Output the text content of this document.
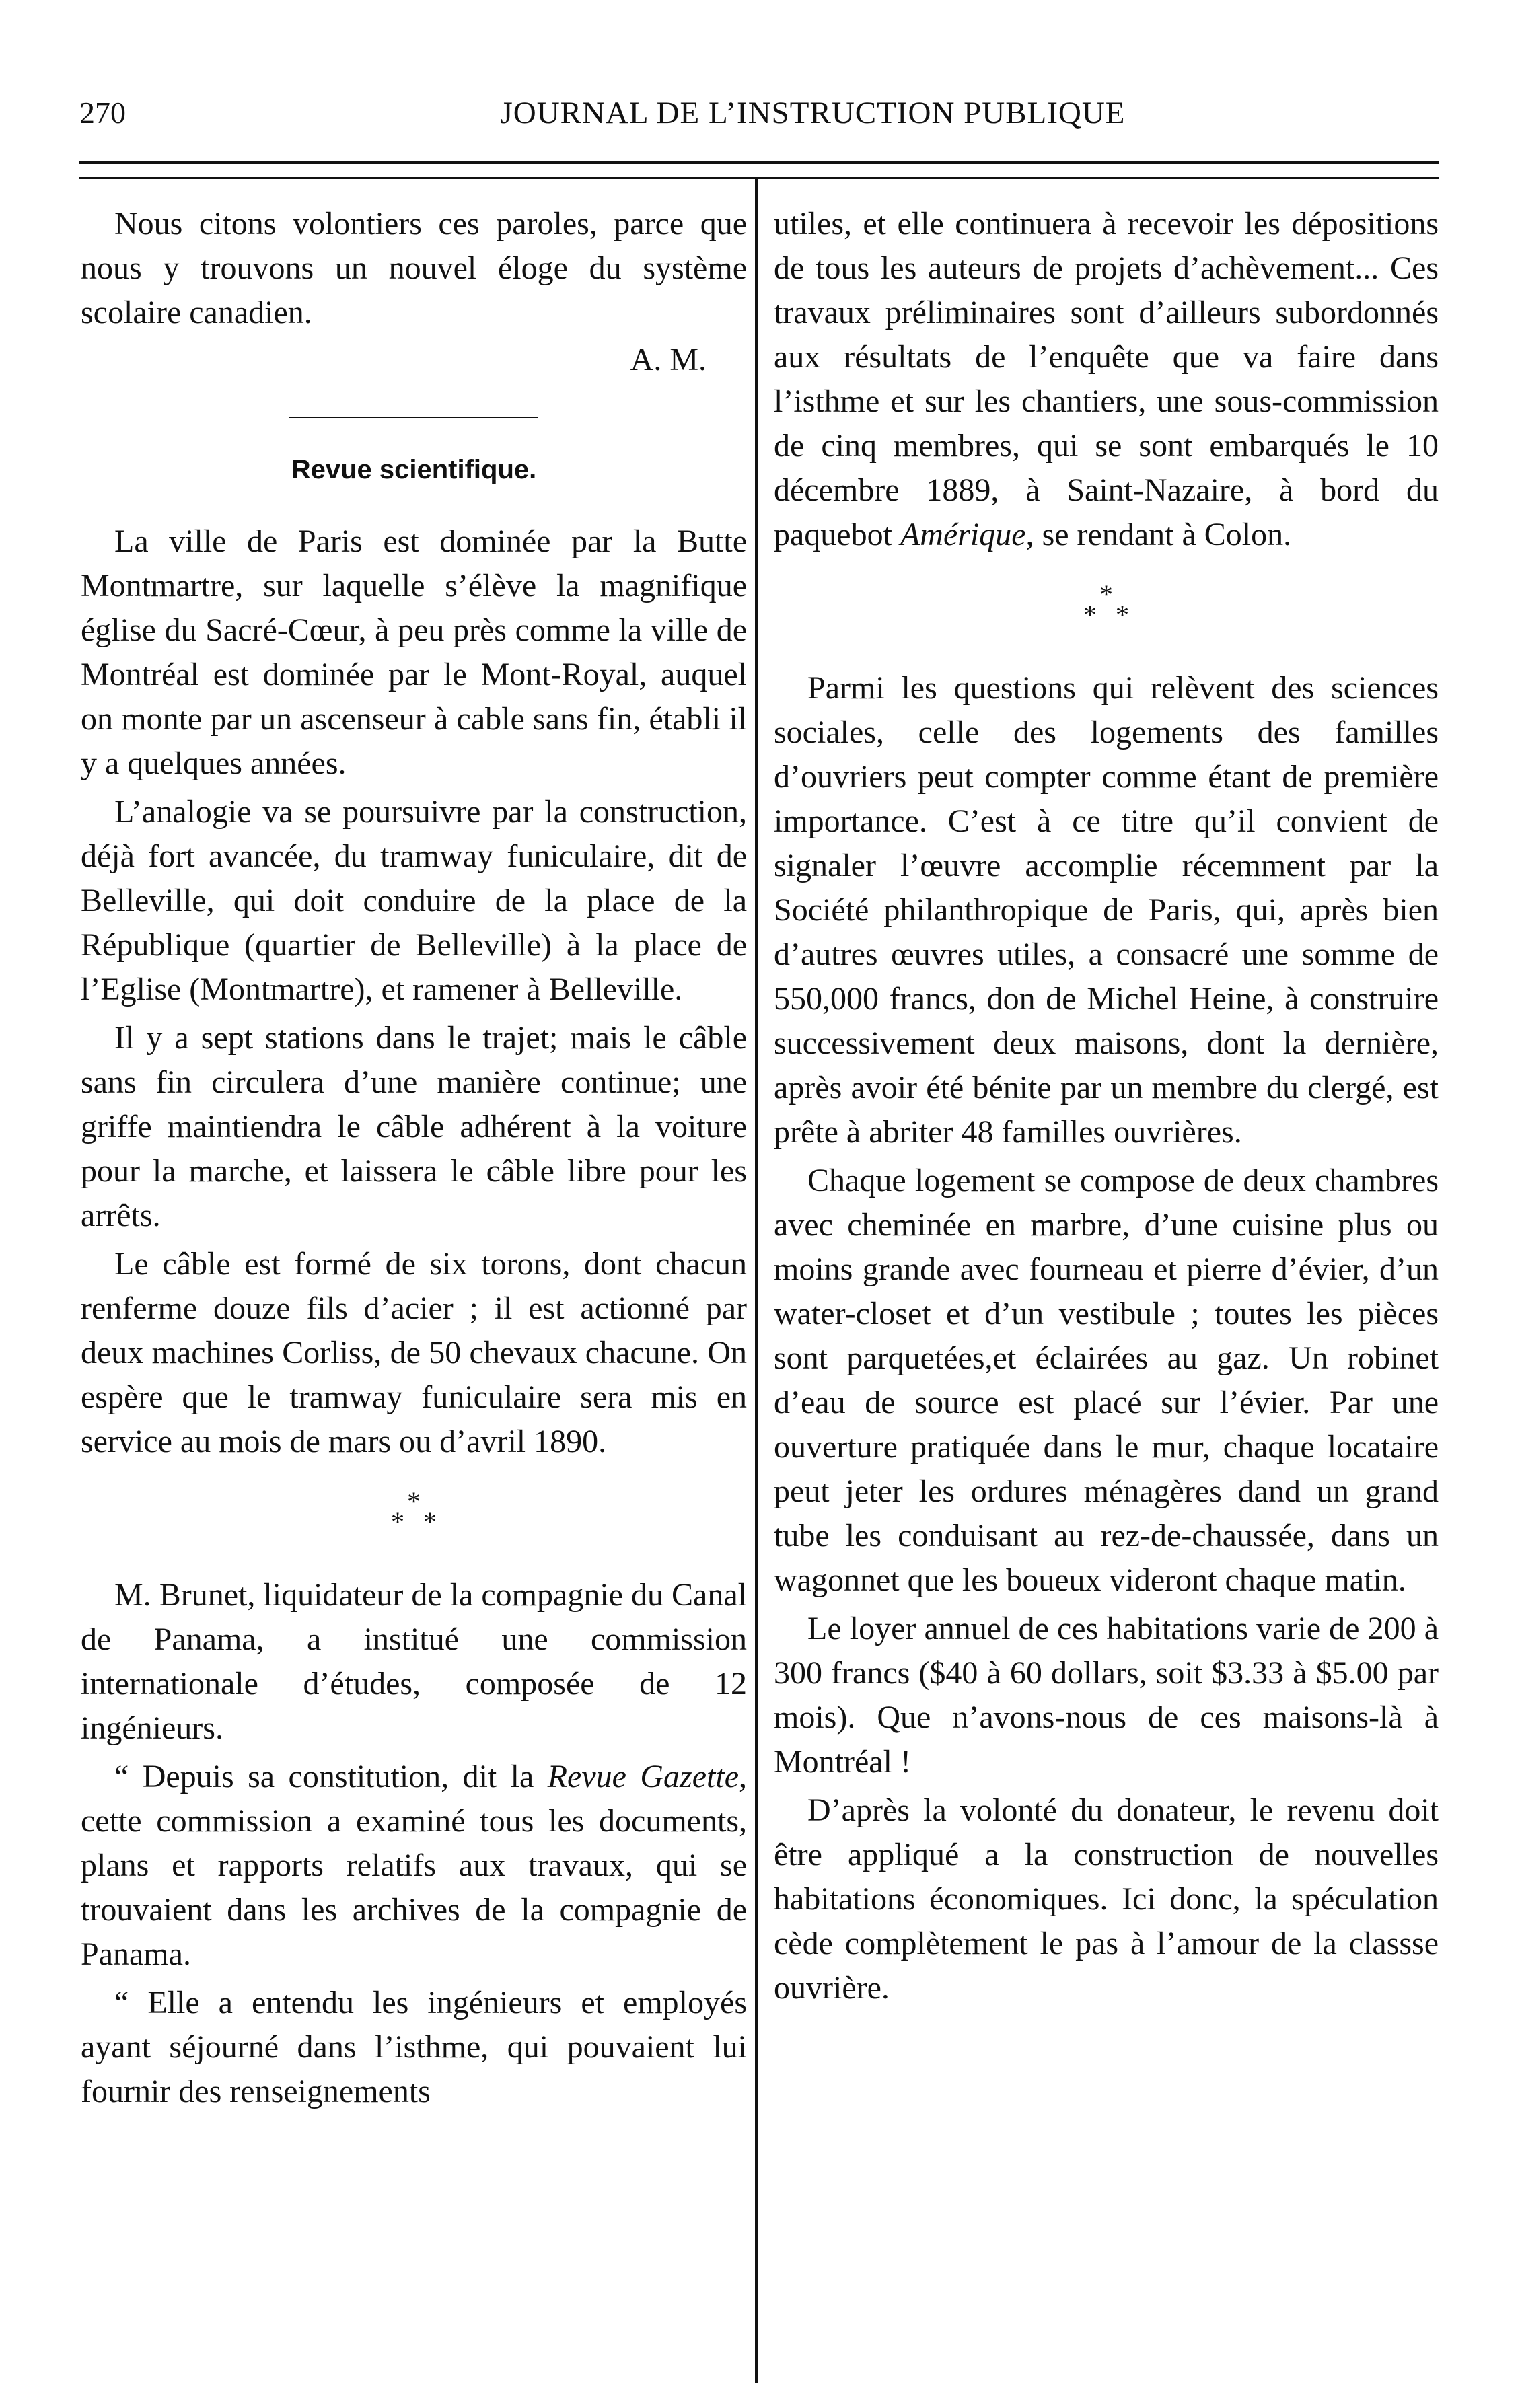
270	JOURNAL DE L’INSTRUCTION PUBLIQUE

Nous citons volontiers ces paroles, parce que nous y trouvons un nouvel éloge du système scolaire canadien.

A. M.

Revue scientifique.

La ville de Paris est dominée par la Butte Montmartre, sur laquelle s’élève la magnifique église du Sacré-Cœur, à peu près comme la ville de Montréal est dominée par le Mont-Royal, auquel on monte par un ascenseur à cable sans fin, établi il y a quelques années.

L’analogie va se poursuivre par la construction, déjà fort avancée, du tramway funiculaire, dit de Belleville, qui doit conduire de la place de la République (quartier de Belleville) à la place de l’Eglise (Montmartre), et ramener à Belleville.

Il y a sept stations dans le trajet; mais le câble sans fin circulera d’une manière continue; une griffe maintiendra le câble adhérent à la voiture pour la marche, et laissera le câble libre pour les arrêts.

Le câble est formé de six torons, dont chacun renferme douze fils d’acier ; il est actionné par deux machines Corliss, de 50 chevaux chacune. On espère que le tramway funiculaire sera mis en service au mois de mars ou d’avril 1890.

*
* *

M. Brunet, liquidateur de la compagnie du Canal de Panama, a institué une commission internationale d’études, composée de 12 ingénieurs.

“ Depuis sa constitution, dit la Revue Gazette, cette commission a examiné tous les documents, plans et rapports relatifs aux travaux, qui se trouvaient dans les archives de la compagnie de Panama.

“ Elle a entendu les ingénieurs et employés ayant séjourné dans l’isthme, qui pouvaient lui fournir des renseignements

utiles, et elle continuera à recevoir les dépositions de tous les auteurs de projets d’achèvement... Ces travaux préliminaires sont d’ailleurs subordonnés aux résultats de l’enquête que va faire dans l’isthme et sur les chantiers, une sous-commission de cinq membres, qui se sont embarqués le 10 décembre 1889, à Saint-Nazaire, à bord du paquebot Amérique, se rendant à Colon.

*
* *

Parmi les questions qui relèvent des sciences sociales, celle des logements des familles d’ouvriers peut compter comme étant de première importance. C’est à ce titre qu’il convient de signaler l’œuvre accomplie récemment par la Société philanthropique de Paris, qui, après bien d’autres œuvres utiles, a consacré une somme de 550,000 francs, don de Michel Heine, à construire successivement deux maisons, dont la dernière, après avoir été bénite par un membre du clergé, est prête à abriter 48 familles ouvrières.

Chaque logement se compose de deux chambres avec cheminée en marbre, d’une cuisine plus ou moins grande avec fourneau et pierre d’évier, d’un water-closet et d’un vestibule ; toutes les pièces sont parquetées,et éclairées au gaz. Un robinet d’eau de source est placé sur l’évier. Par une ouverture pratiquée dans le mur, chaque locataire peut jeter les ordures ménagères dand un grand tube les conduisant au rez-de-chaussée, dans un wagonnet que les boueux videront chaque matin.

Le loyer annuel de ces habitations varie de 200 à 300 francs ($40 à 60 dollars, soit $3.33 à $5.00 par mois). Que n’avons-nous de ces maisons-là à Montréal !

D’après la volonté du donateur, le revenu doit être appliqué a la construction de nouvelles habitations économiques. Ici donc, la spéculation cède complètement le pas à l’amour de la classse ouvrière.
